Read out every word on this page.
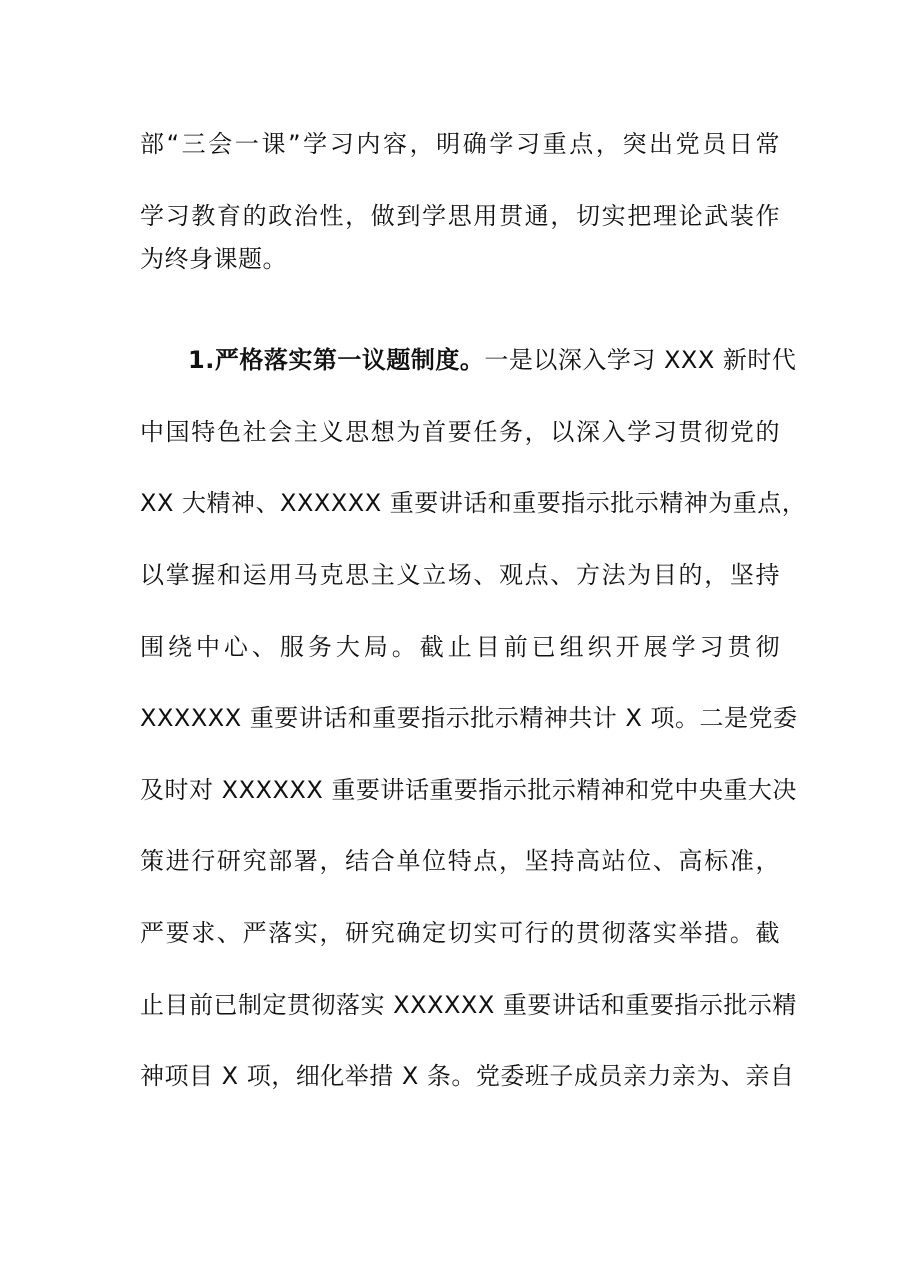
部“三会一课”学习内容，明确学习重点，突出党员日常
学习教育的政治性，做到学思用贯通，切实把理论武装作
为终身课题。
1.严格落实第一议题制度。一是以深入学习 XXX 新时代
中国特色社会主义思想为首要任务，以深入学习贯彻党的
XX 大精神、XXXXXX 重要讲话和重要指示批示精神为重点，
以掌握和运用马克思主义立场、观点、方法为目的，坚持
围绕中心、服务大局。截止目前已组织开展学习贯彻
XXXXXX 重要讲话和重要指示批示精神共计 X 项。二是党委
及时对 XXXXXX 重要讲话重要指示批示精神和党中央重大决
策进行研究部署，结合单位特点，坚持高站位、高标准，
严要求、严落实，研究确定切实可行的贯彻落实举措。截
止目前已制定贯彻落实 XXXXXX 重要讲话和重要指示批示精
神项目 X 项，细化举措 X 条。党委班子成员亲力亲为、亲自
